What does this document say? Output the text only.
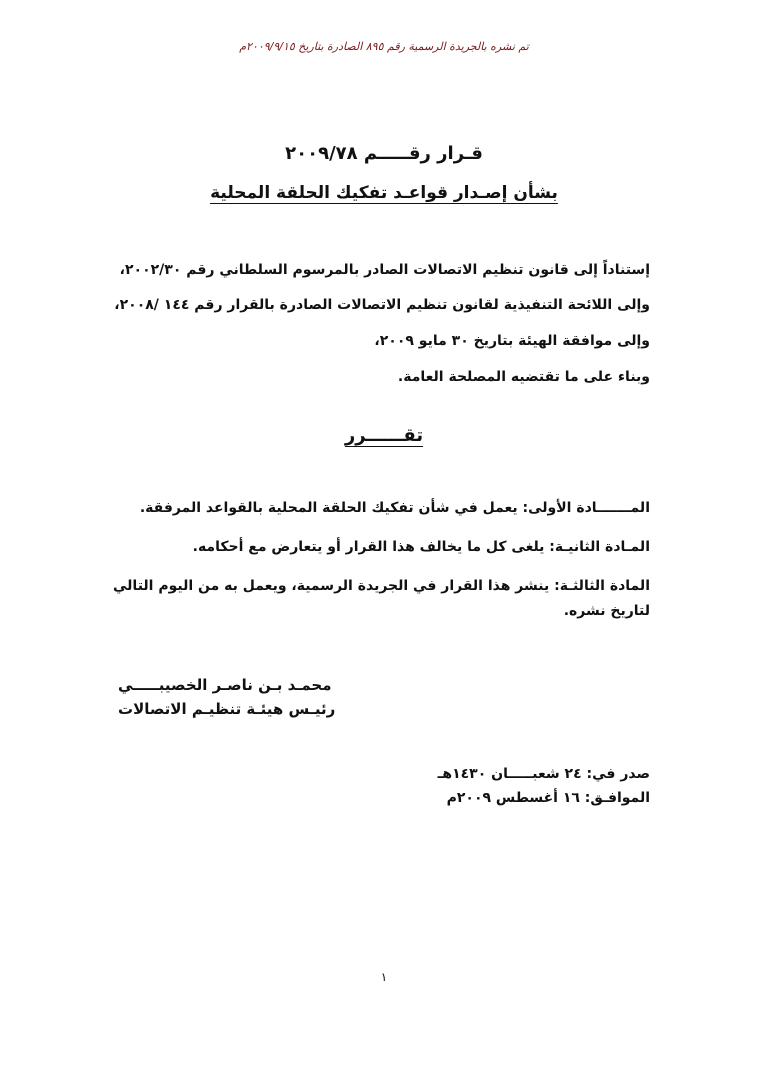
تم نشره بالجريدة الرسمية رقم ٨٩٥ الصادرة بتاريخ ٢٠٠٩/٩/١٥م
قـرار رقـــــم ٢٠٠٩/٧٨
بشأن إصـدار قواعـد تفكيك الحلقة المحلية
إستناداً إلى قانون تنظيم الاتصالات الصادر بالمرسوم السلطاني رقم ٢٠٠٢/٣٠،
وإلى اللائحة التنفيذية لقانون تنظيم الاتصالات الصادرة بالقرار رقم ١٤٤ /٢٠٠٨،
وإلى موافقة الهيئة بتاريخ ٣٠ مايو ٢٠٠٩،
وبناء على ما تقتضيه المصلحة العامة.
تقــــــرر
المـــــــادة الأولى: يعمل في شأن تفكيك الحلقة المحلية بالقواعد المرفقة.
المـادة الثانيـة: يلغى كل ما يخالف هذا القرار أو يتعارض مع أحكامه.
المادة الثالثـة: ينشر هذا القرار في الجريدة الرسمية، ويعمل به من اليوم التالي
لتاريخ نشره.
محمـد بـن ناصـر الخصيبـــــي
رئيـس هيئـة تنظيـم الاتصالات
صدر في: ٢٤ شعبـــــان ١٤٣٠هـ
الموافـق: ١٦ أغسطس ٢٠٠٩م
١
